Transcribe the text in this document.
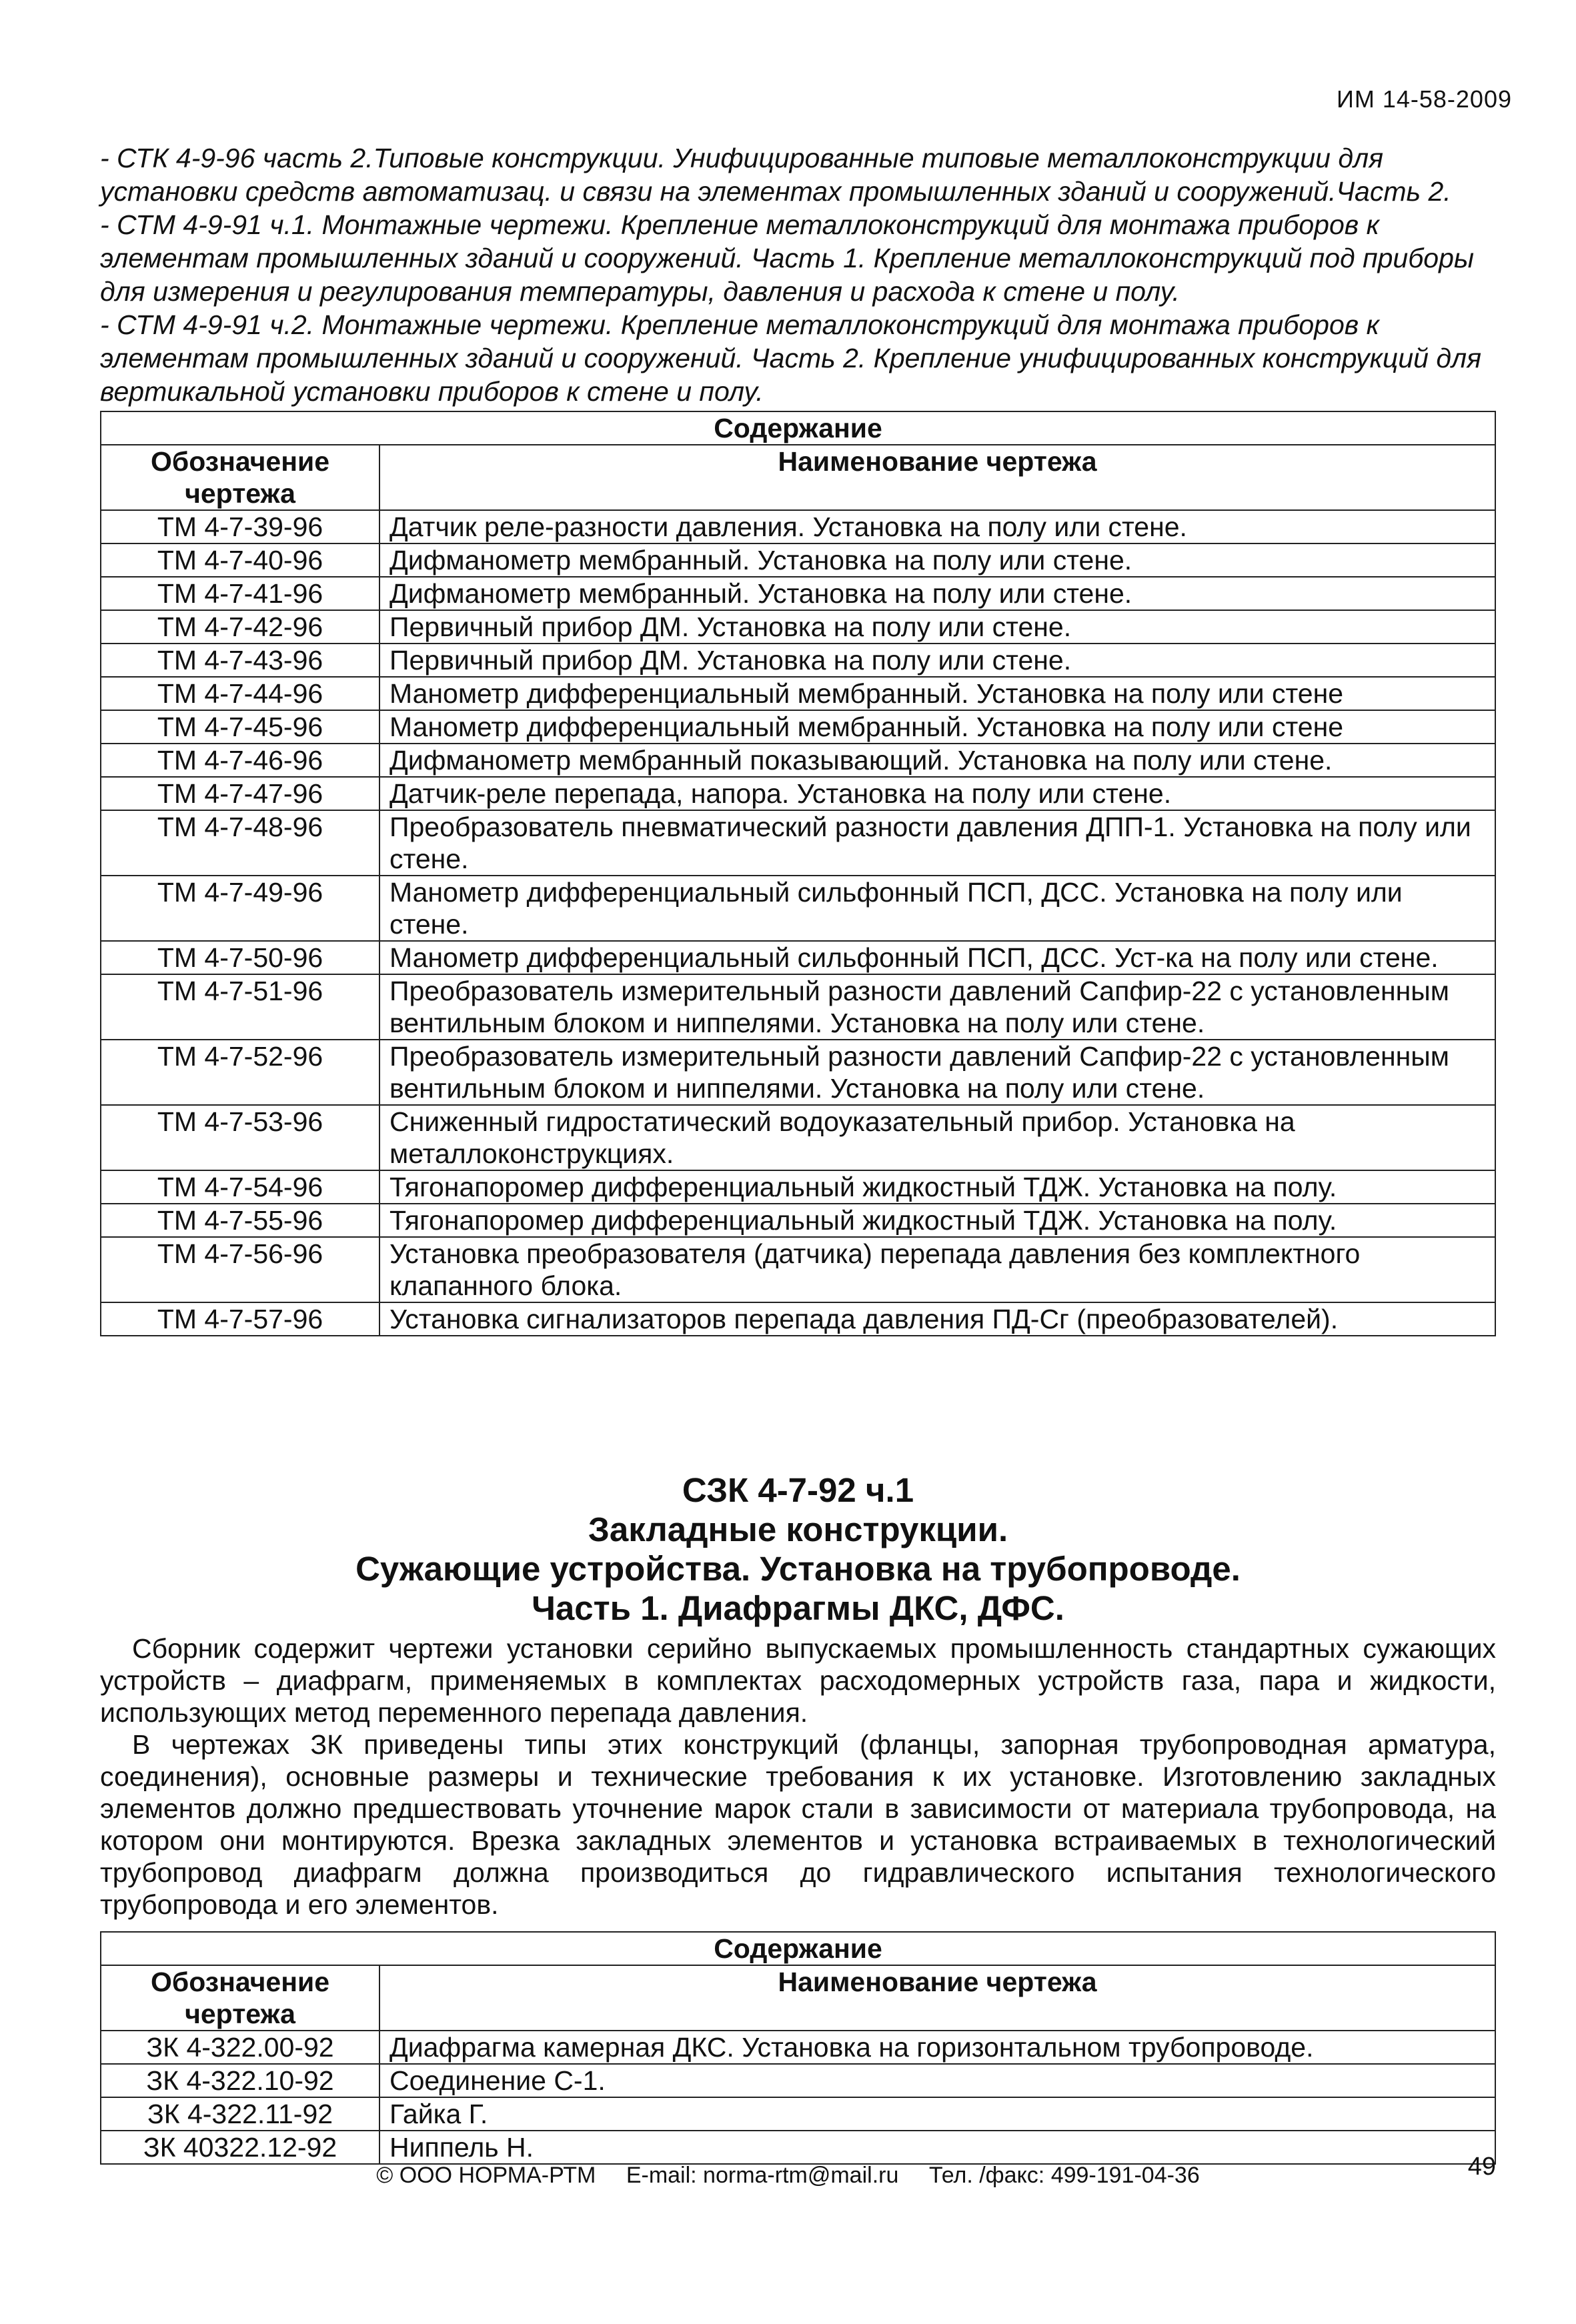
ИМ 14-58-2009

- СТК 4-9-96 часть 2.Типовые конструкции. Унифицированные типовые металлоконструкции для установки средств автоматизац. и связи на элементах промышленных зданий и сооружений.Часть 2.

- СТМ 4-9-91 ч.1. Монтажные чертежи. Крепление металлоконструкций для монтажа приборов к элементам промышленных зданий и сооружений. Часть 1. Крепление металлоконструкций под приборы для измерения и регулирования температуры, давления и расхода к стене и полу.

- СТМ 4-9-91 ч.2. Монтажные чертежи. Крепление металлоконструкций для монтажа приборов к элементам промышленных зданий и сооружений. Часть 2. Крепление унифицированных конструкций для вертикальной установки приборов к стене и полу.

Содержание	
Обозначение чертежа	Наименование чертежа
ТМ 4-7-39-96	Датчик реле-разности давления. Установка на полу или стене.
ТМ 4-7-40-96	Дифманометр мембранный. Установка на полу или стене.
ТМ 4-7-41-96	Дифманометр мембранный. Установка на полу или стене.
ТМ 4-7-42-96	Первичный прибор ДМ. Установка на полу или стене.
ТМ 4-7-43-96	Первичный прибор ДМ. Установка на полу или стене.
ТМ 4-7-44-96	Манометр дифференциальный мембранный. Установка на полу или стене
ТМ 4-7-45-96	Манометр дифференциальный мембранный. Установка на полу или стене
ТМ 4-7-46-96	Дифманометр мембранный показывающий. Установка на полу или стене.
ТМ 4-7-47-96	Датчик-реле перепада, напора. Установка на полу или стене.
ТМ 4-7-48-96	Преобразователь пневматический разности давления ДПП-1. Установка на полу или стене.
ТМ 4-7-49-96	Манометр дифференциальный сильфонный ПСП, ДСС. Установка на полу или стене.
ТМ 4-7-50-96	Манометр дифференциальный сильфонный ПСП, ДСС. Уст-ка на полу или стене.
ТМ 4-7-51-96	Преобразователь измерительный разности давлений Сапфир-22 с установленным вентильным блоком и ниппелями. Установка на полу или стене.
ТМ 4-7-52-96	Преобразователь измерительный разности давлений Сапфир-22 с установленным вентильным блоком и ниппелями. Установка на полу или стене.
ТМ 4-7-53-96	Сниженный гидростатический водоуказательный прибор. Установка на металлоконструкциях.
ТМ 4-7-54-96	Тягонапоромер дифференциальный жидкостный ТДЖ. Установка на полу.
ТМ 4-7-55-96	Тягонапоромер дифференциальный жидкостный ТДЖ. Установка на полу.
ТМ 4-7-56-96	Установка преобразователя (датчика) перепада давления без комплектного клапанного блока.
ТМ 4-7-57-96	Установка сигнализаторов перепада давления ПД-Сг (преобразователей).
СЗК 4-7-92 ч.1
Закладные конструкции.
Сужающие устройства. Установка на трубопроводе.
Часть 1. Диафрагмы ДКС, ДФС.

Сборник содержит чертежи установки серийно выпускаемых промышленность стандартных сужающих устройств – диафрагм, применяемых в комплектах расходомерных устройств газа, пара и жидкости, использующих метод переменного перепада давления.

В чертежах ЗК приведены типы этих конструкций (фланцы, запорная трубопроводная арматура, соединения), основные размеры и технические требования к их установке. Изготовлению закладных элементов должно предшествовать уточнение марок стали в зависимости от материала трубопровода, на котором они монтируются. Врезка закладных элементов и установка встраиваемых в технологический трубопровод диафрагм должна производиться до гидравлического испытания технологического трубопровода и его элементов.

Содержание	
Обозначение чертежа	Наименование чертежа
ЗК 4-322.00-92	Диафрагма камерная ДКС. Установка на горизонтальном трубопроводе.
ЗК 4-322.10-92	Соединение С-1.
ЗК 4-322.11-92	Гайка Г.
ЗК 40322.12-92	Ниппель Н.
© ООО НОРМА-РТМ E-mail: norma-rtm@mail.ru Тел. /факс: 499-191-04-36	49
